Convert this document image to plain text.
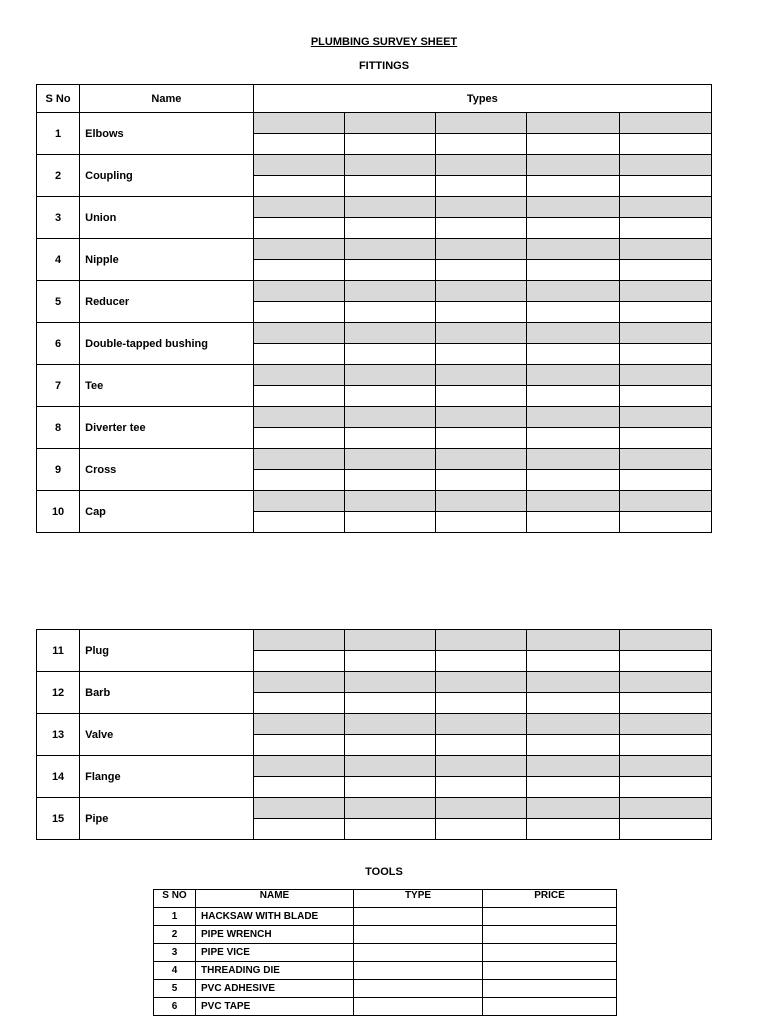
PLUMBING SURVEY SHEET
FITTINGS
S No	Name	Types				
1	Elbows					

2	Coupling					

3	Union					

4	Nipple					

5	Reducer					

6	Double-tapped bushing					

7	Tee					

8	Diverter tee					

9	Cross					

10	Cap					

11	Plug					

12	Barb					

13	Valve					

14	Flange					

15	Pipe					

TOOLS
S NO	NAME	TYPE	PRICE
1	HACKSAW WITH BLADE		
2	PIPE WRENCH		
3	PIPE VICE		
4	THREADING DIE		
5	PVC ADHESIVE		
6	PVC TAPE		
